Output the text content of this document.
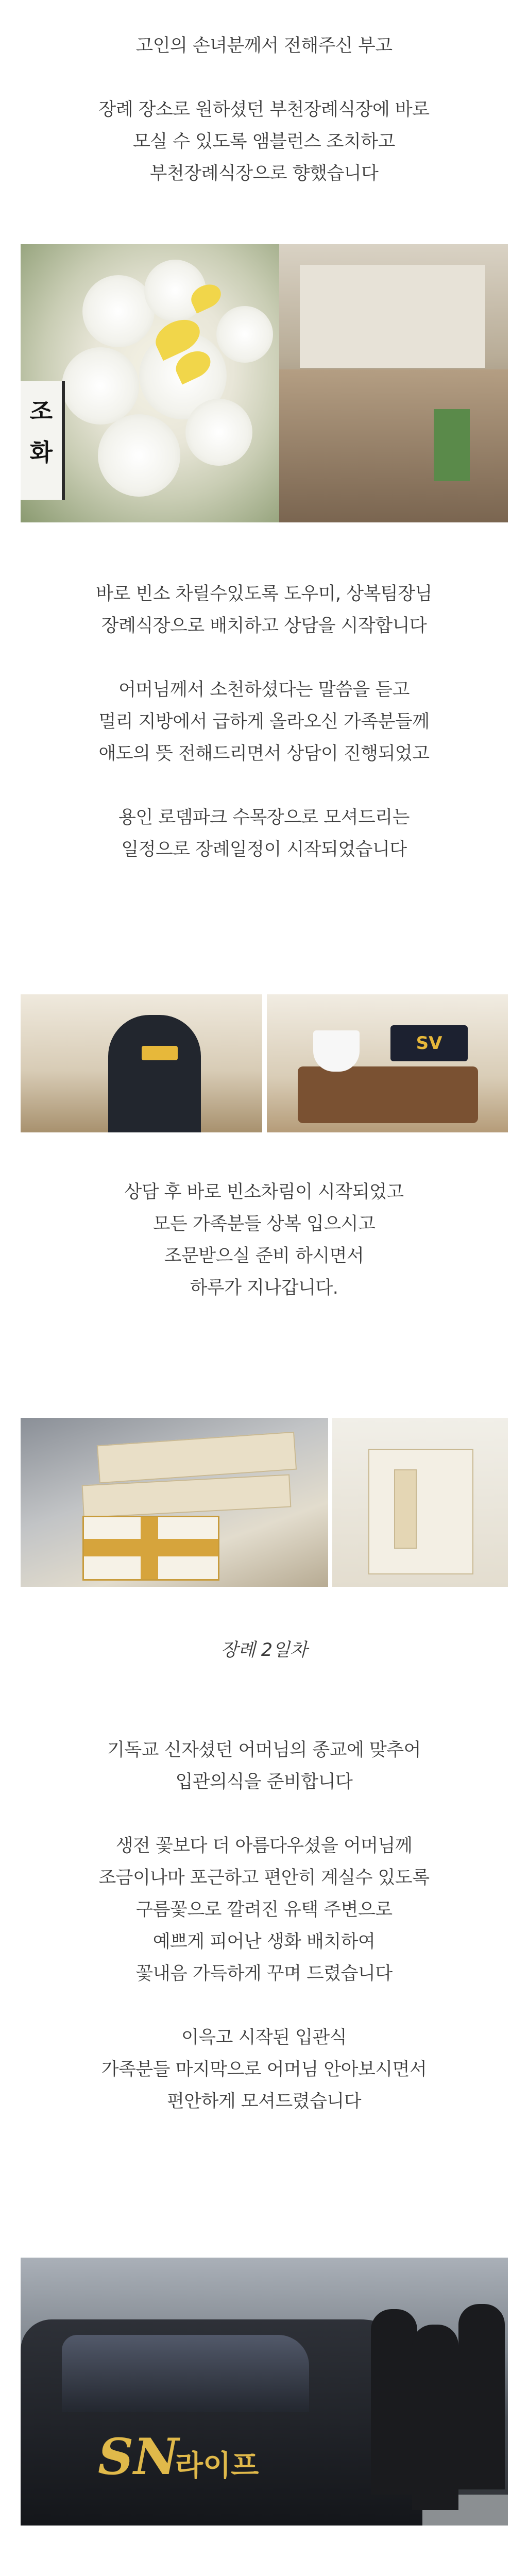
고인의 손녀분께서 전해주신 부고

장례 장소로 원하셨던 부천장례식장에 바로

모실 수 있도록 앰블런스 조치하고

부천장례식장으로 향했습니다

조화

바로 빈소 차릴수있도록 도우미, 상복팀장님

장례식장으로 배치하고 상담을 시작합니다

어머님께서 소천하셨다는 말씀을 듣고

멀리 지방에서 급하게 올라오신 가족분들께

애도의 뜻 전해드리면서 상담이 진행되었고

용인 로뎀파크 수목장으로 모셔드리는

일정으로 장례일정이 시작되었습니다

SV

상담 후 바로 빈소차림이 시작되었고

모든 가족분들 상복 입으시고

조문받으실 준비 하시면서

하루가 지나갑니다.

장례 2일차

기독교 신자셨던 어머님의 종교에 맞추어

입관의식을 준비합니다

생전 꽃보다 더 아름다우셨을 어머님께

조금이나마 포근하고 편안히 계실수 있도록

구름꽃으로 깔려진 유택 주변으로

예쁘게 피어난 생화 배치하여

꽃내음 가득하게 꾸며 드렸습니다

이윽고 시작된 입관식

가족분들 마지막으로 어머님 안아보시면서

편안하게 모셔드렸습니다

SN
라이프
